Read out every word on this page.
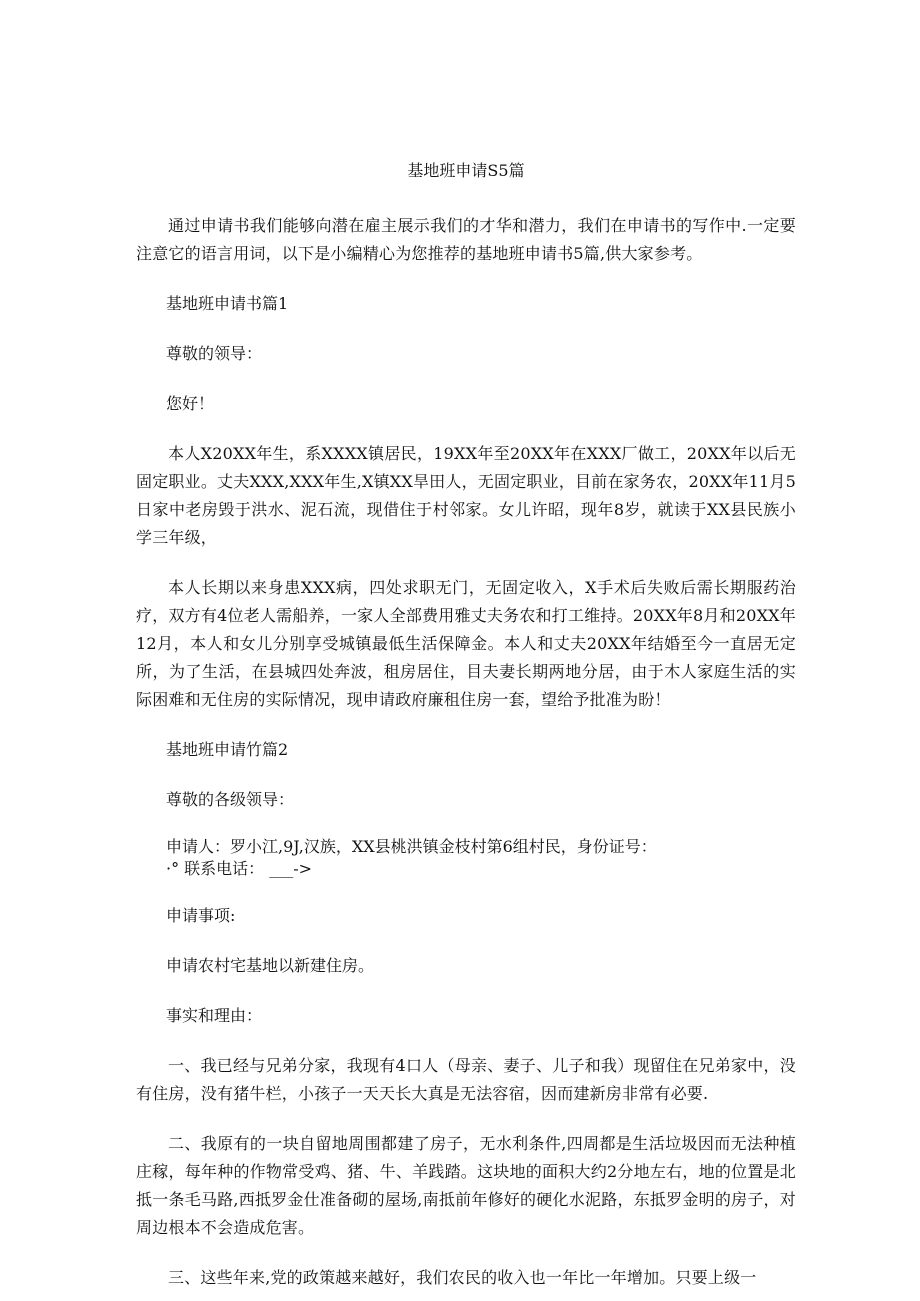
基地班申请S5篇

通过申请书我们能够向潜在雇主展示我们的才华和潜力，我们在申请书的写作中.一定要注意它的语言用词，以下是小编精心为您推荐的基地班申请书5篇,供大家参考。

基地班申请书篇1

尊敬的领导：

您好！

本人X20XX年生，系XXXX镇居民，19XX年至20XX年在XXX厂做工，20XX年以后无固定职业。丈夫XXX,XXX年生,X镇XX旱田人，无固定职业，目前在家务农，20XX年11月5日家中老房毁于洪水、泥石流，现借住于村邻家。女儿许昭，现年8岁，就读于XX县民族小学三年级，

本人长期以来身患XXX病，四处求职无门，无固定收入，X手术后失败后需长期服药治疗，双方有4位老人需船养，一家人全部费用雅丈夫务农和打工维持。20XX年8月和20XX年12月，本人和女儿分别享受城镇最低生活保障金。本人和丈夫20XX年结婚至今一直居无定所，为了生活，在县城四处奔波，租房居住，目夫妻长期两地分居，由于木人家庭生活的实际困难和无住房的实际情况，现申请政府廉租住房一套，望给予批准为盼！

基地班申请竹篇2

尊敬的各级领导：

申请人：罗小江,9J,汉族，XX县桃洪镇金枝村第6组村民，身份证号：

·° 联系电话： ___->

申请事项:

申请农村宅基地以新建住房。

事实和理由：

一、我已经与兄弟分家，我现有4口人（母亲、妻子、儿子和我）现留住在兄弟家中，没有住房，没有猪牛栏，小孩子一天天长大真是无法容宿，因而建新房非常有必要.

二、我原有的一块自留地周围都建了房子，无水利条件,四周都是生活垃圾因而无法种植庄稼，每年种的作物常受鸡、猪、牛、羊践踏。这块地的面积大约2分地左右，地的位置是北抵一条毛马路,西抵罗金仕准备砌的屋场,南抵前年修好的硬化水泥路，东抵罗金明的房子，对周边根本不会造成危害。

三、这些年来,党的政策越来越好，我们农民的收入也一年比一年增加。只要上级一
